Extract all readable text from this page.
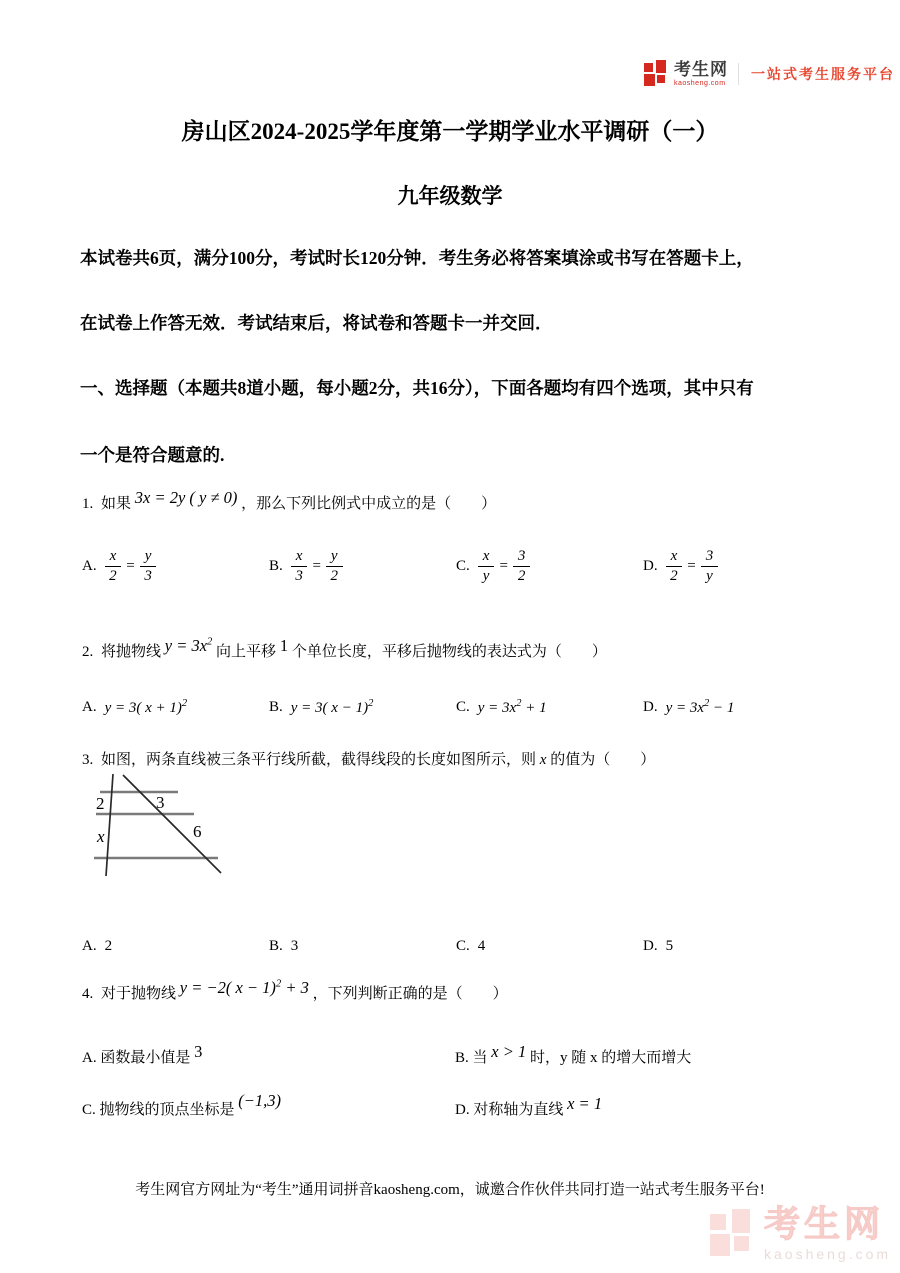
考生网
kaosheng.com
一站式考生服务平台
房山区2024-2025学年度第一学期学业水平调研（一）
九年级数学

本试卷共6页，满分100分，考试时长120分钟．考生务必将答案填涂或书写在答题卡上，

在试卷上作答无效．考试结束后，将试卷和答题卡一并交回．

一、选择题（本题共8道小题，每小题2分，共16分），下面各题均有四个选项，其中只有

一个是符合题意的.

1. 如果 3x = 2y ( y ≠ 0) ，那么下列比例式中成立的是（　　）
A. $\frac{x}{2} = \frac{y}{3}$	B. $\frac{x}{3} = \frac{y}{2}$	C. $\frac{x}{y} = \frac{3}{2}$	D. $\frac{x}{2} = \frac{3}{y}$
2. 将抛物线 $y = 3x^2$ 向上平移 1 个单位长度，平移后抛物线的表达式为（　　）
A. y = 3( x + 1)$^2$	B. y = 3( x − 1)$^2$	C. $y = 3x^2 + 1$	D. $y = 3x^2 - 1$
3. 如图，两条直线被三条平行线所截，截得线段的长度如图所示，则 x 的值为（　　）
2	3
x	6
A. 2	B. 3	C. 4	D. 5
4. 对于抛物线 y = −2( x − 1)$^2$ + 3 ，下列判断正确的是（　　）
A. 函数最小值是 3	B. 当 x > 1 时，y 随 x 的增大而增大
C. 抛物线的顶点坐标是 (−1,3)	D. 对称轴为直线 x = 1

考生网官方网址为“考生”通用词拼音kaosheng.com，诚邀合作伙伴共同打造一站式考生服务平台!

考生网
kaosheng.com
